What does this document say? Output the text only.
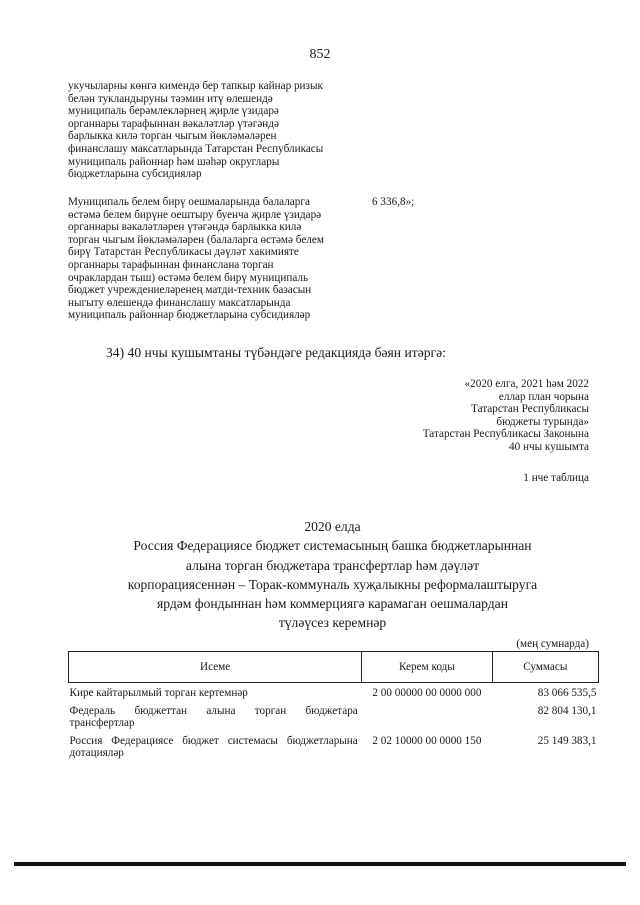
852
укучыларны көнгә кимендә бер тапкыр кайнар ризык
белән тукландыруны тәэмин итү өлешендә
муниципаль берәмлекләрнең җирле үзидарә
органнары тарафыннан вәкаләтләр үтәгәндә
барлыкка килә торган чыгым йөкләмәләрен
финанслашу максатларында Татарстан Республикасы
муниципаль районнар һәм шәһәр округлары
бюджетларына субсидияләр
Муниципаль белем бирү оешмаларында балаларга
өстәмә белем бирүне оештыру буенча җирле үзидарә
органнары вәкаләтләрен үтәгәндә барлыкка килә
торган чыгым йөкләмәләрен (балаларга өстәмә белем
бирү Татарстан Республикасы дәүләт хакимияте
органнары тарафыннан финанслана торган
очраклардан тыш) өстәмә белем бирү муниципаль
бюджет учреждениеләренең матди-техник базасын
ныгыту өлешендә финанслашу максатларында
муниципаль районнар бюджетларына субсидияләр
6 336,8»;
34) 40 нчы кушымтаны түбәндәге редакциядә бәян итәргә:
«2020 елга, 2021 һәм 2022
еллар план чорына
Татарстан Республикасы
бюджеты турында»
Татарстан Республикасы Законына
40 нчы кушымта
1 нче таблица
2020 елда
Россия Федерациясе бюджет системасының башка бюджетларыннан
алына торган бюджетара трансфертлар һәм дәүләт
корпорациясеннән – Торак-коммуналь хуҗалыкны реформалаштыруга
ярдәм фондыннан һәм коммерциягә карамаган оешмалардан
түләүсез керемнәр
(мең сумнарда)
Исеме	Керем коды	Суммасы
Кире кайтарылмый торган кертемнәр	2 00 00000 00 0000 000	83 066 535,5
Федераль бюджеттан алына торган бюджетара трансфертлар		82 804 130,1
Россия Федерациясе бюджет системасы бюджетларына дотацияләр	2 02 10000 00 0000 150	25 149 383,1
